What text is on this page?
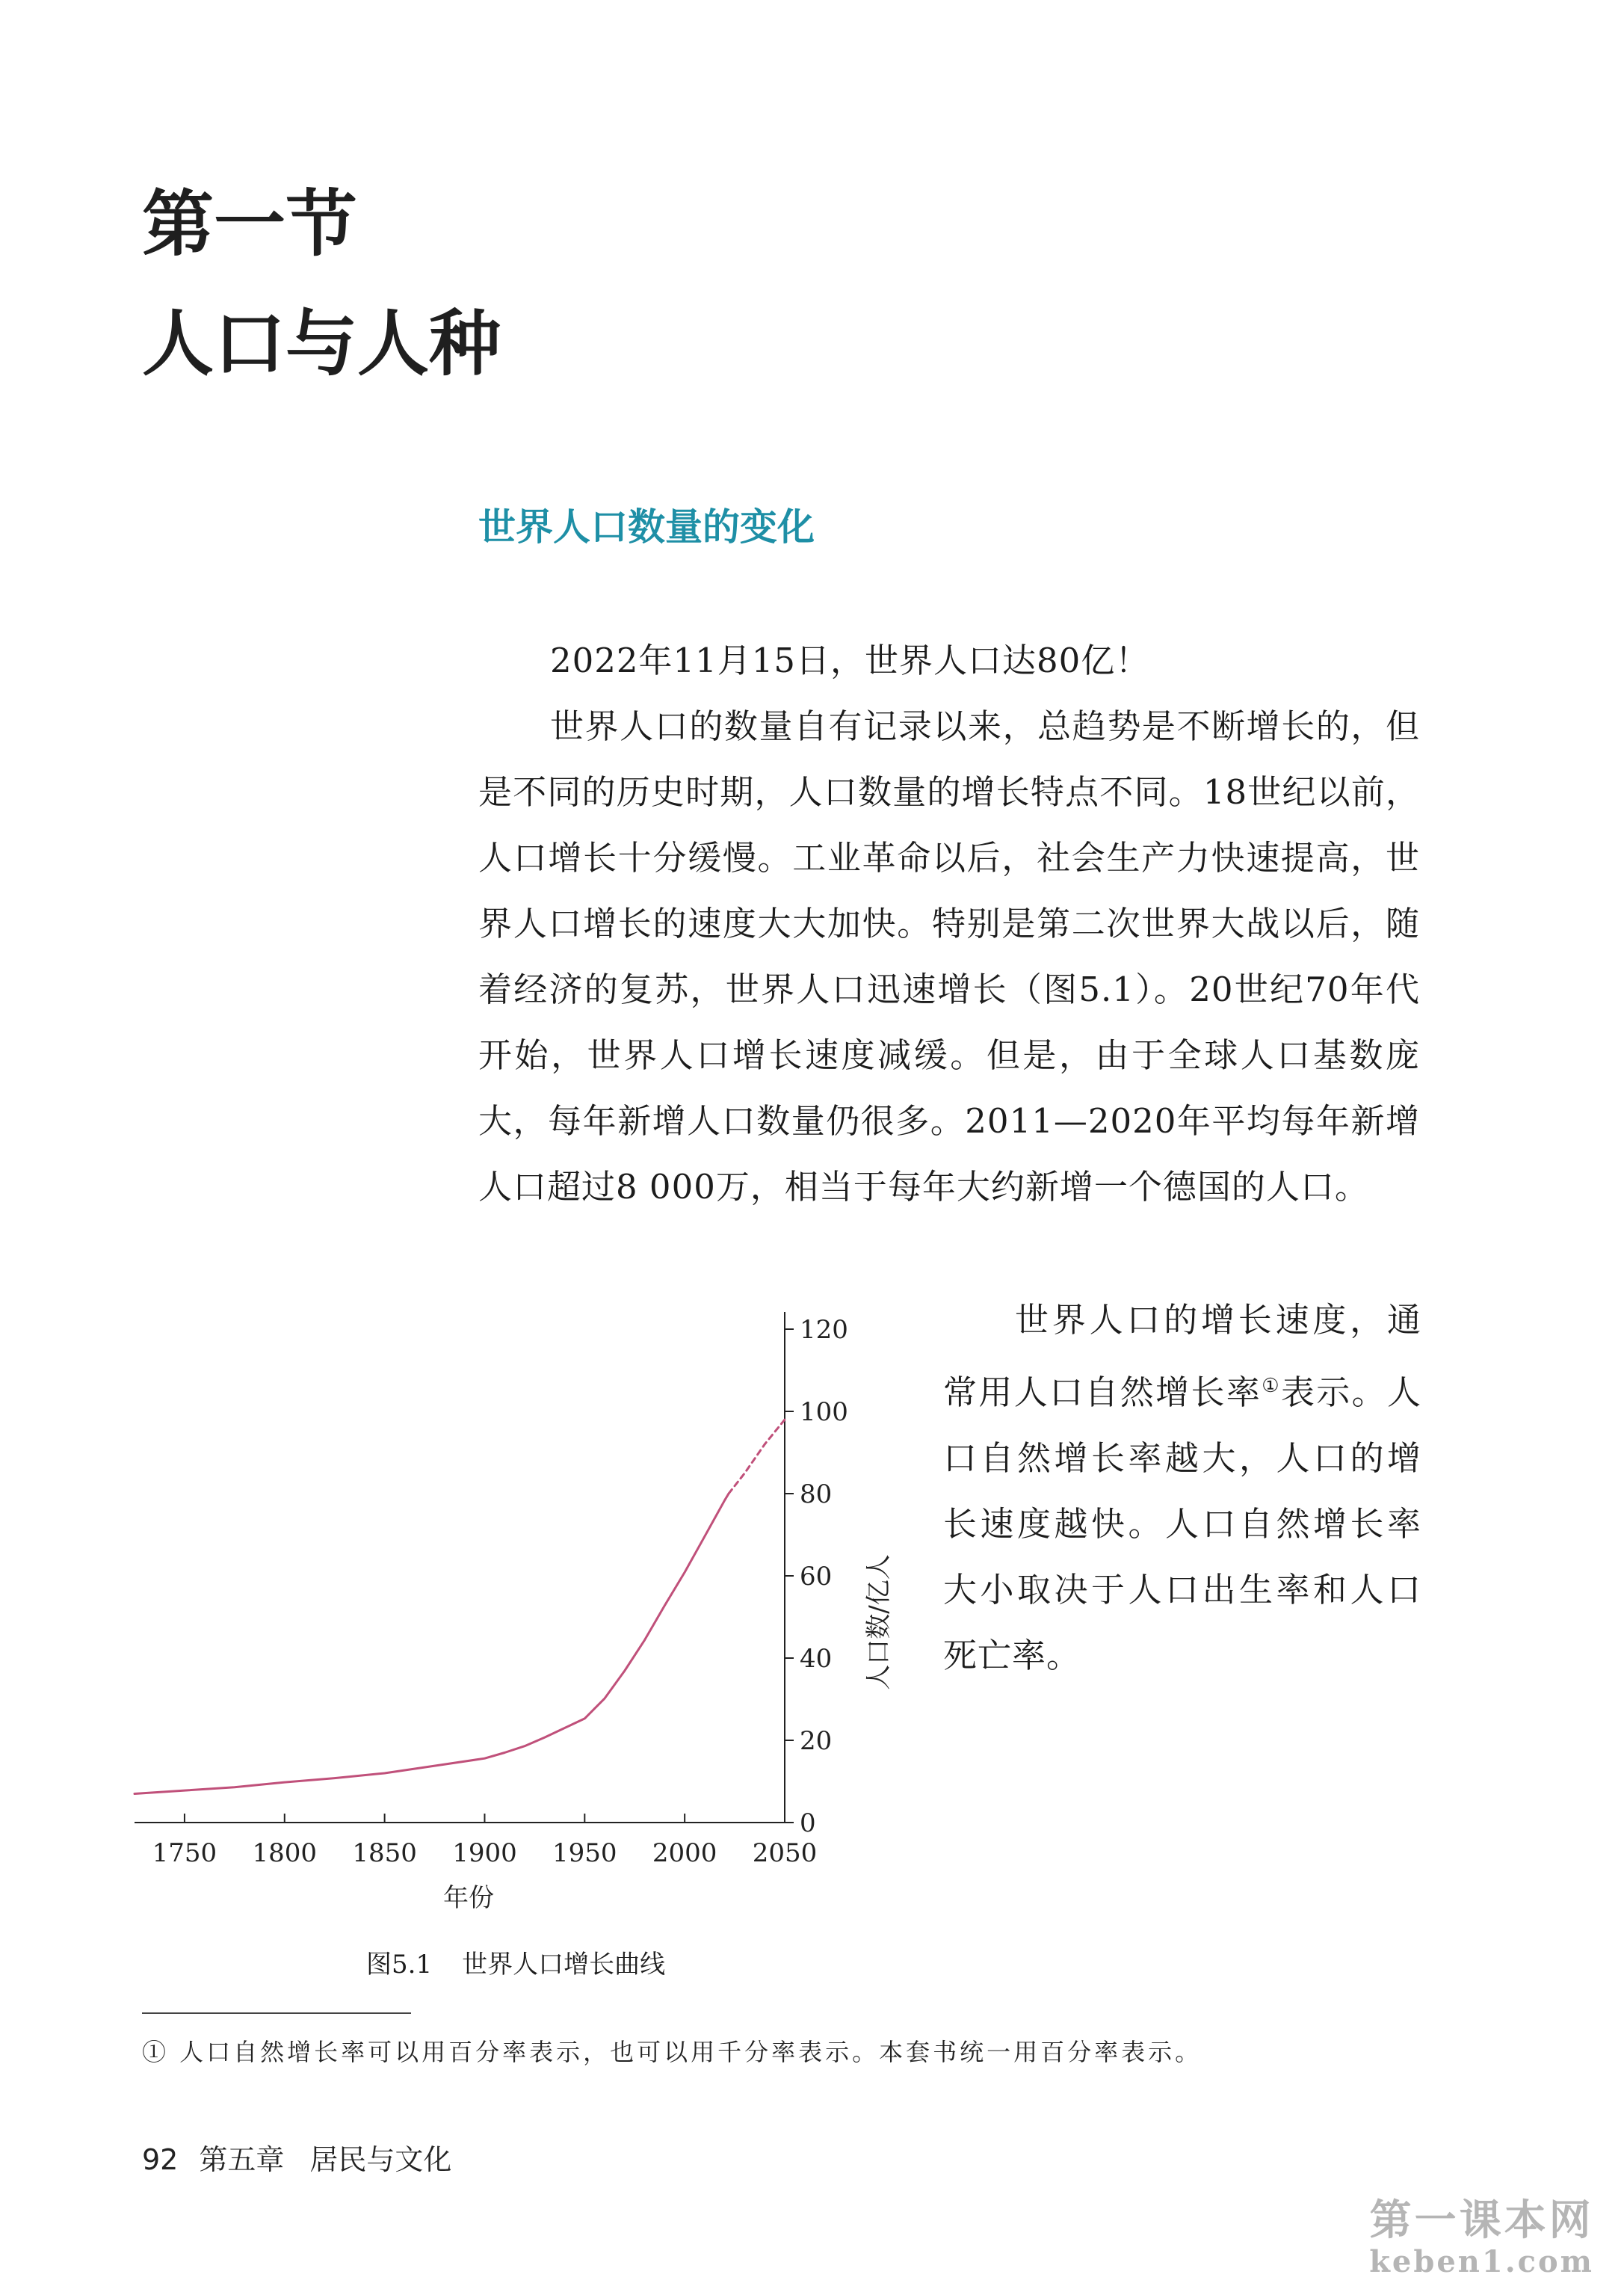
第一节
人口与人种
世界人口数量的变化

2022年11月15日，世界人口达80亿！

世界人口的数量自有记录以来，总趋势是不断增长的，但是不同的历史时期，人口数量的增长特点不同。18世纪以前，人口增长十分缓慢。工业革命以后，社会生产力快速提高，世界人口增长的速度大大加快。特别是第二次世界大战以后，随着经济的复苏，世界人口迅速增长（图5.1）。20世纪70年代开始，世界人口增长速度减缓。但是，由于全球人口基数庞大，每年新增人口数量仍很多。2011—2020年平均每年新增人口超过8 000万，相当于每年大约新增一个德国的人口。

1750 1800 1850 1900 1950 2000 2050
0
20
40
60
80
100
120
年份
人口数/亿人
图5.1 世界人口增长曲线

世界人口的增长速度，通常用人口自然增长率①表示。人口自然增长率越大，人口的增长速度越快。人口自然增长率大小取决于人口出生率和人口死亡率。

① 人口自然增长率可以用百分率表示，也可以用千分率表示。本套书统一用百分率表示。
92 第五章 居民与文化
第一课本网
keben1.com
